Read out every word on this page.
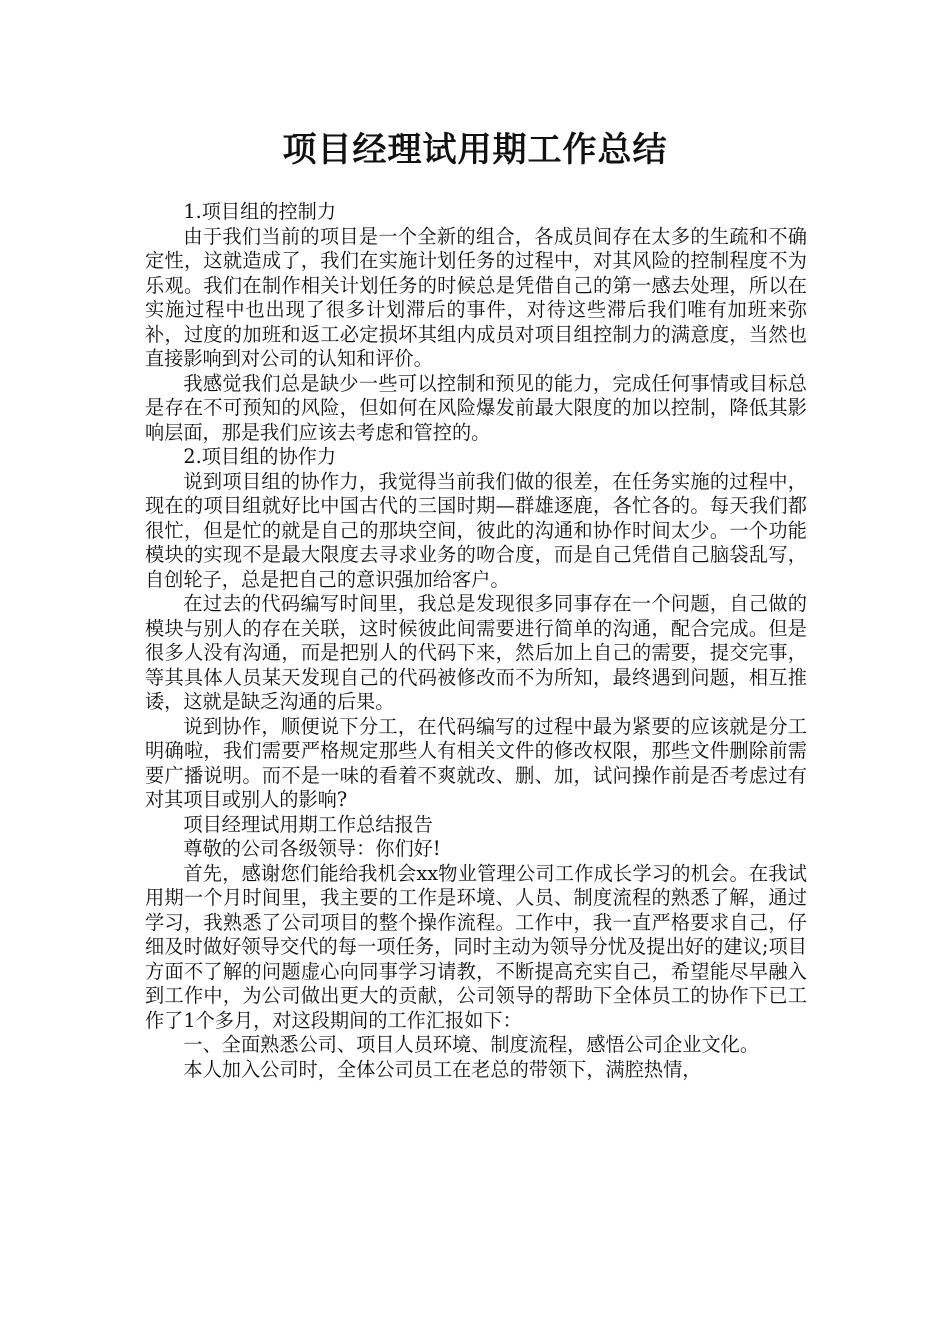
项目经理试用期工作总结

1.项目组的控制力

由于我们当前的项目是一个全新的组合，各成员间存在太多的生疏和不确定性，这就造成了，我们在实施计划任务的过程中，对其风险的控制程度不为乐观。我们在制作相关计划任务的时候总是凭借自己的第一感去处理，所以在实施过程中也出现了很多计划滞后的事件，对待这些滞后我们唯有加班来弥补，过度的加班和返工必定损坏其组内成员对项目组控制力的满意度，当然也直接影响到对公司的认知和评价。

我感觉我们总是缺少一些可以控制和预见的能力，完成任何事情或目标总是存在不可预知的风险，但如何在风险爆发前最大限度的加以控制，降低其影响层面，那是我们应该去考虑和管控的。

2.项目组的协作力

说到项目组的协作力，我觉得当前我们做的很差，在任务实施的过程中，现在的项目组就好比中国古代的三国时期—群雄逐鹿，各忙各的。每天我们都很忙，但是忙的就是自己的那块空间，彼此的沟通和协作时间太少。一个功能模块的实现不是最大限度去寻求业务的吻合度，而是自己凭借自己脑袋乱写，自创轮子，总是把自己的意识强加给客户。

在过去的代码编写时间里，我总是发现很多同事存在一个问题，自己做的模块与别人的存在关联，这时候彼此间需要进行简单的沟通，配合完成。但是很多人没有沟通，而是把别人的代码下来，然后加上自己的需要，提交完事，等其具体人员某天发现自己的代码被修改而不为所知，最终遇到问题，相互推诿，这就是缺乏沟通的后果。

说到协作，顺便说下分工，在代码编写的过程中最为紧要的应该就是分工明确啦，我们需要严格规定那些人有相关文件的修改权限，那些文件删除前需要广播说明。而不是一味的看着不爽就改、删、加，试问操作前是否考虑过有对其项目或别人的影响?

项目经理试用期工作总结报告

尊敬的公司各级领导：你们好!

首先，感谢您们能给我机会xx物业管理公司工作成长学习的机会。在我试用期一个月时间里，我主要的工作是环境、人员、制度流程的熟悉了解，通过学习，我熟悉了公司项目的整个操作流程。工作中，我一直严格要求自己，仔细及时做好领导交代的每一项任务，同时主动为领导分忧及提出好的建议;项目方面不了解的问题虚心向同事学习请教，不断提高充实自己，希望能尽早融入到工作中，为公司做出更大的贡献，公司领导的帮助下全体员工的协作下已工作了1个多月，对这段期间的工作汇报如下：

一、全面熟悉公司、项目人员环境、制度流程，感悟公司企业文化。

本人加入公司时，全体公司员工在老总的带领下，满腔热情，
